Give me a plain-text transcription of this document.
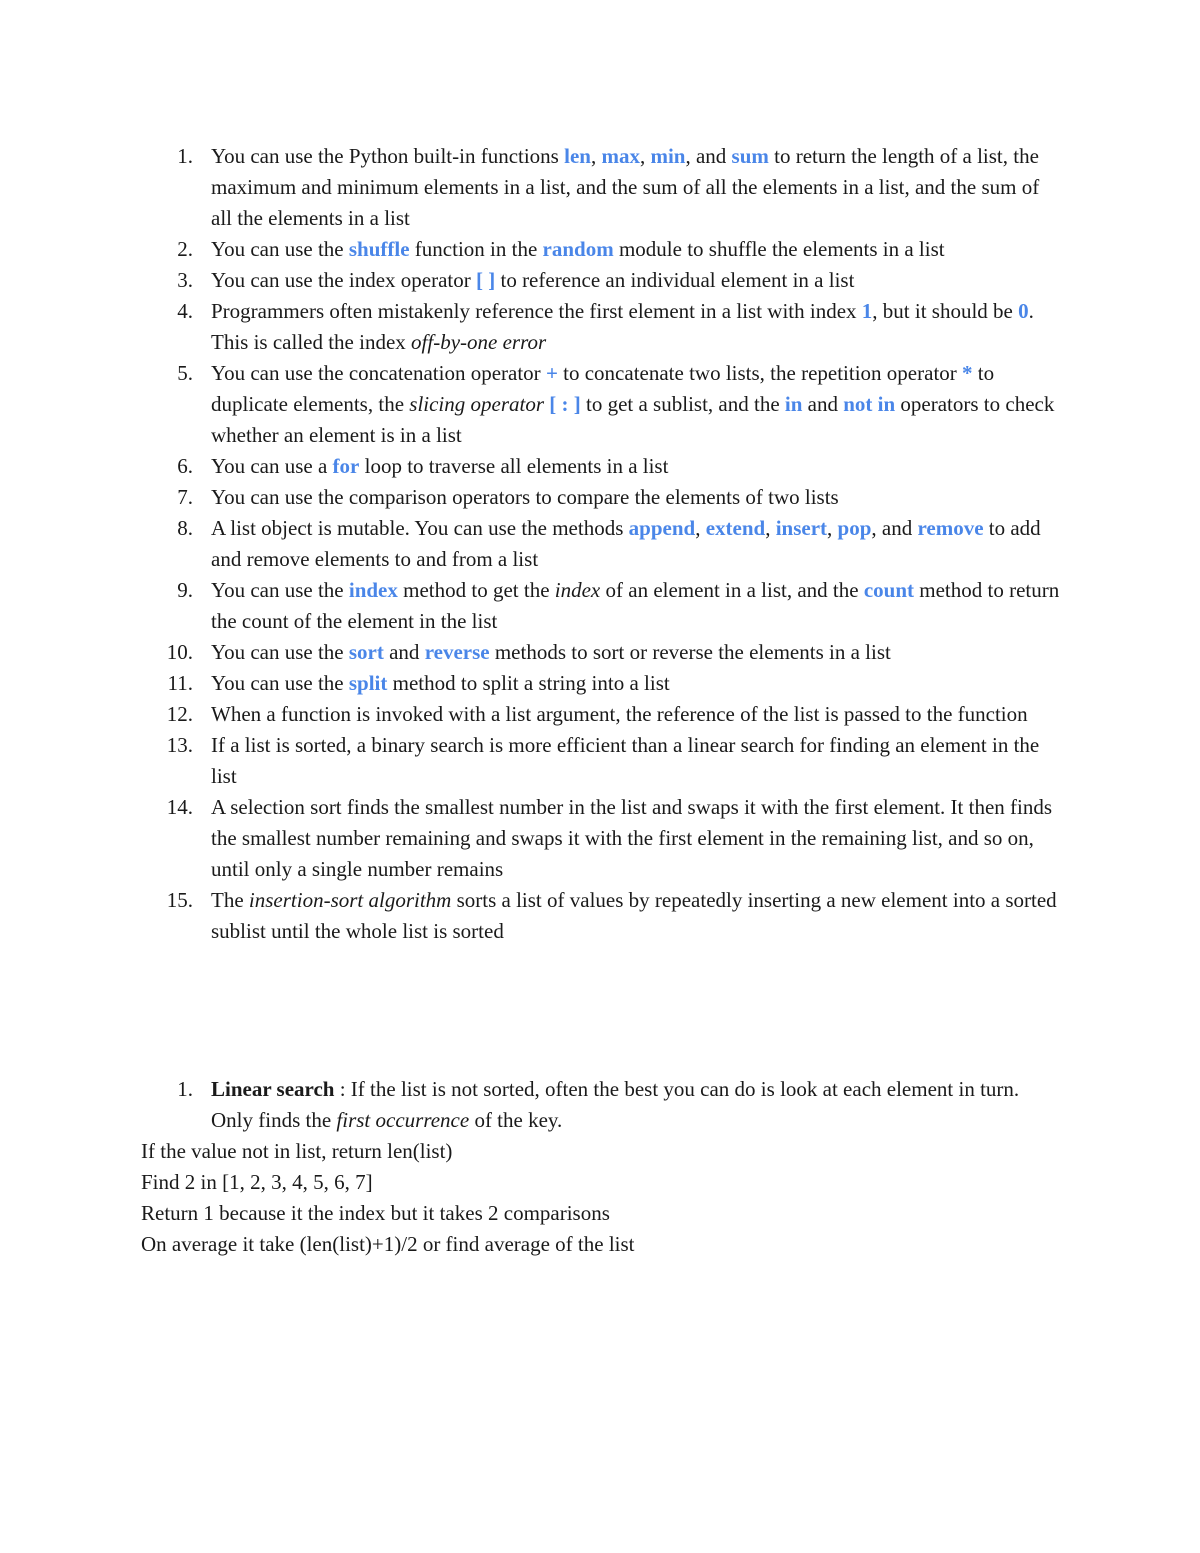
1. You can use the Python built-in functions len, max, min, and sum to return the length of a list, the maximum and minimum elements in a list, and the sum of all the elements in a list, and the sum of all the elements in a list
2. You can use the shuffle function in the random module to shuffle the elements in a list
3. You can use the index operator [ ] to reference an individual element in a list
4. Programmers often mistakenly reference the first element in a list with index 1, but it should be 0. This is called the index off-by-one error
5. You can use the concatenation operator + to concatenate two lists, the repetition operator * to duplicate elements, the slicing operator [ : ] to get a sublist, and the in and not in operators to check whether an element is in a list
6. You can use a for loop to traverse all elements in a list
7. You can use the comparison operators to compare the elements of two lists
8. A list object is mutable. You can use the methods append, extend, insert, pop, and remove to add and remove elements to and from a list
9. You can use the index method to get the index of an element in a list, and the count method to return the count of the element in the list
10. You can use the sort and reverse methods to sort or reverse the elements in a list
11. You can use the split method to split a string into a list
12. When a function is invoked with a list argument, the reference of the list is passed to the function
13. If a list is sorted, a binary search is more efficient than a linear search for finding an element in the list
14. A selection sort finds the smallest number in the list and swaps it with the first element. It then finds the smallest number remaining and swaps it with the first element in the remaining list, and so on, until only a single number remains
15. The insertion-sort algorithm sorts a list of values by repeatedly inserting a new element into a sorted sublist until the whole list is sorted
1. Linear search : If the list is not sorted, often the best you can do is look at each element in turn. Only finds the first occurrence of the key.
If the value not in list, return len(list)
Find 2 in [1, 2, 3, 4, 5, 6, 7]
Return 1 because it the index but it takes 2 comparisons
On average it take (len(list)+1)/2 or find average of the list
